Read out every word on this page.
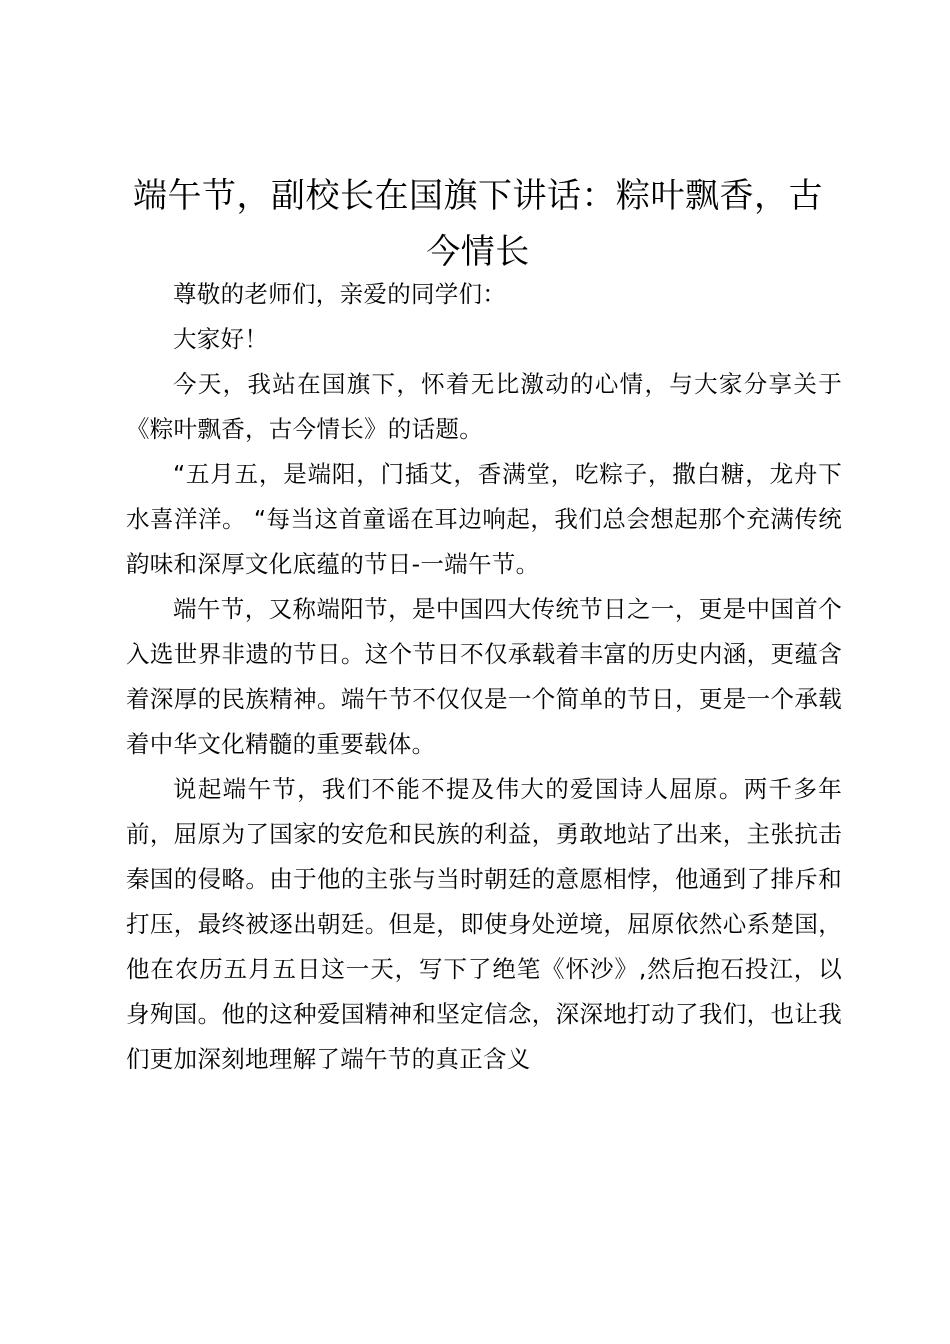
端午节，副校长在国旗下讲话：粽叶飘香，古今情长

尊敬的老师们，亲爱的同学们：

大家好！

今天，我站在国旗下，怀着无比激动的心情，与大家分享关于《粽叶飘香，古今情长》的话题。

“五月五，是端阳，门插艾，香满堂，吃粽子，撒白糖，龙舟下水喜洋洋。 “每当这首童谣在耳边响起，我们总会想起那个充满传统韵味和深厚文化底蕴的节日-一端午节。

端午节，又称端阳节，是中国四大传统节日之一，更是中国首个入选世界非遗的节日。这个节日不仅承载着丰富的历史内涵，更蕴含着深厚的民族精神。端午节不仅仅是一个简单的节日，更是一个承载着中华文化精髓的重要载体。

说起端午节，我们不能不提及伟大的爱国诗人屈原。两千多年前，屈原为了国家的安危和民族的利益，勇敢地站了出来，主张抗击秦国的侵略。由于他的主张与当时朝廷的意愿相悖，他通到了排斥和打压，最终被逐出朝廷。但是，即使身处逆境，屈原依然心系楚国，他在农历五月五日这一天，写下了绝笔《怀沙》,然后抱石投江，以身殉国。他的这种爱国精神和坚定信念，深深地打动了我们，也让我们更加深刻地理解了端午节的真正含义
